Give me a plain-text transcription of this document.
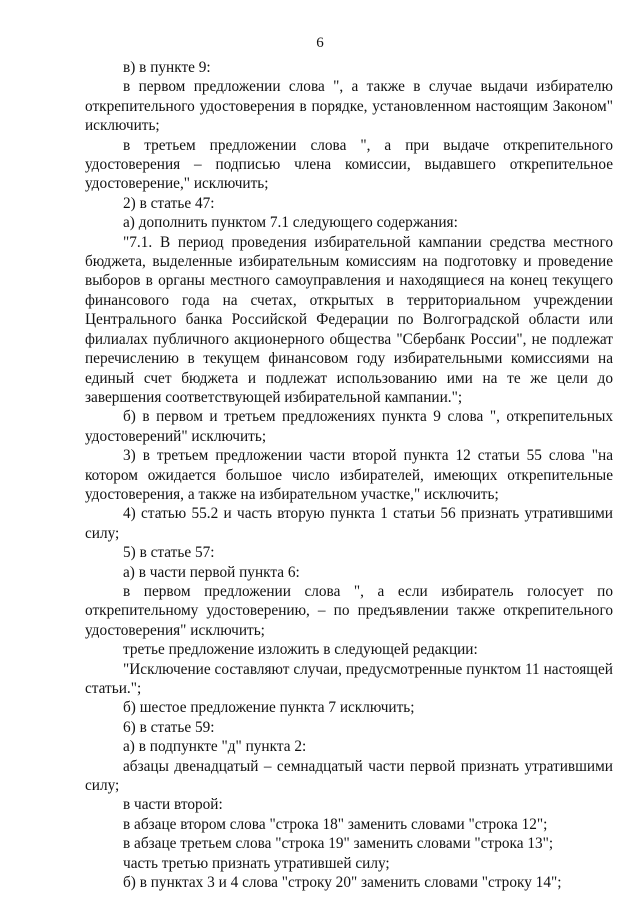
6

в) в пункте 9:

в первом предложении слова ", а также в случае выдачи избирателю открепительного удостоверения в порядке, установленном настоящим Законом" исключить;

в третьем предложении слова ", а при выдаче открепительного удостоверения – подписью члена комиссии, выдавшего открепительное удостоверение," исключить;

2) в статье 47:

а) дополнить пунктом 7.1 следующего содержания:

"7.1. В период проведения избирательной кампании средства местного бюджета, выделенные избирательным комиссиям на подготовку и проведение выборов в органы местного самоуправления и находящиеся на конец текущего финансового года на счетах, открытых в территориальном учреждении Центрального банка Российской Федерации по Волгоградской области или филиалах публичного акционерного общества "Сбербанк России", не подлежат перечислению в текущем финансовом году избирательными комиссиями на единый счет бюджета и подлежат использованию ими на те же цели до завершения соответствующей избирательной кампании.";

б) в первом и третьем предложениях пункта 9 слова ", открепительных удостоверений" исключить;

3) в третьем предложении части второй пункта 12 статьи 55 слова "на котором ожидается большое число избирателей, имеющих открепительные удостоверения, а также на избирательном участке," исключить;

4) статью 55.2 и часть вторую пункта 1 статьи 56 признать утратившими силу;

5) в статье 57:

а) в части первой пункта 6:

в первом предложении слова ", а если избиратель голосует по открепительному удостоверению, – по предъявлении также открепительного удостоверения" исключить;

третье предложение изложить в следующей редакции:

"Исключение составляют случаи, предусмотренные пунктом 11 настоящей статьи.";

б) шестое предложение пункта 7 исключить;

6) в статье 59:

а) в подпункте "д" пункта 2:

абзацы двенадцатый – семнадцатый части первой признать утратившими силу;

в части второй:

в абзаце втором слова "строка 18" заменить словами "строка 12";

в абзаце третьем слова "строка 19" заменить словами "строка 13";

часть третью признать утратившей силу;

б) в пунктах 3 и 4 слова "строку 20" заменить словами "строку 14";
